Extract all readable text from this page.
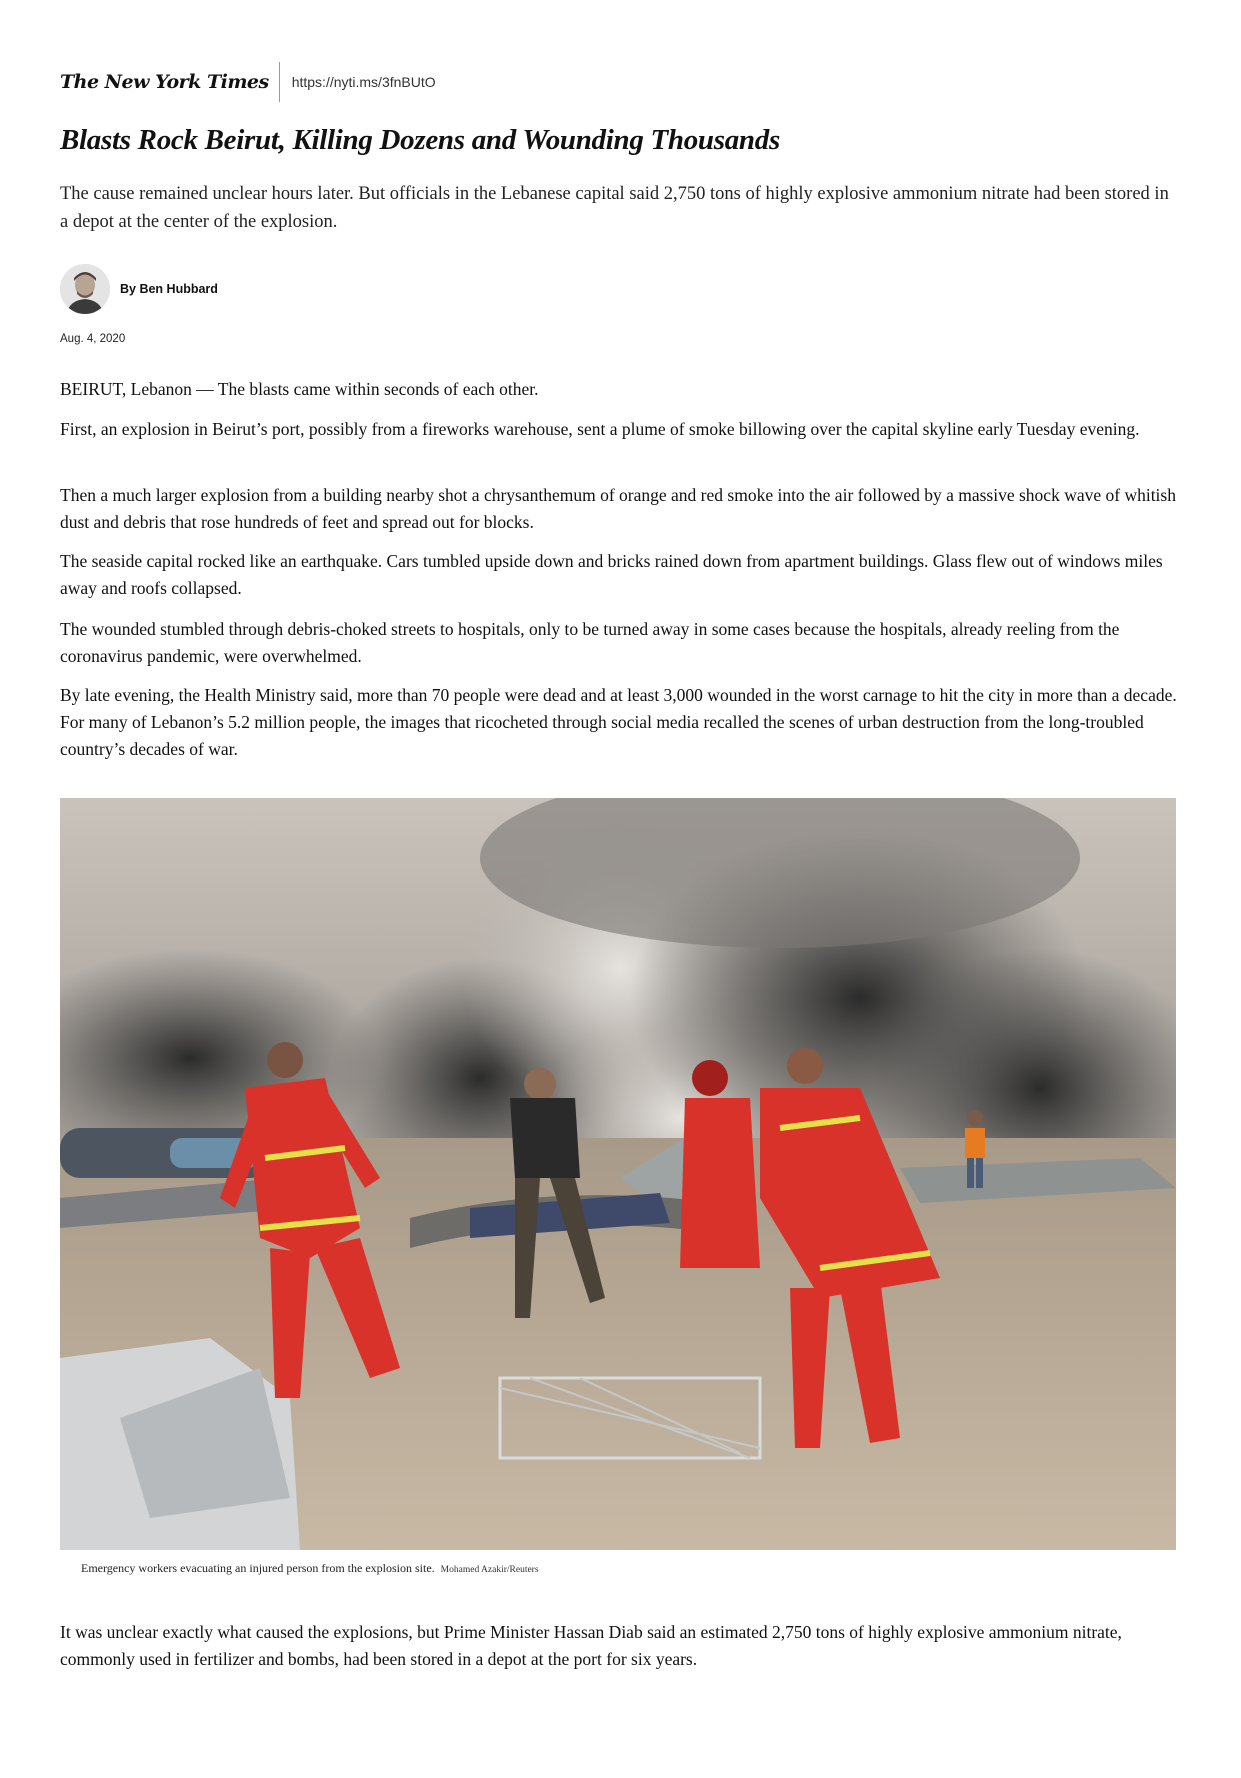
The New York Times https://nyti.ms/3fnBUtO
Blasts Rock Beirut, Killing Dozens and Wounding Thousands

The cause remained unclear hours later. But officials in the Lebanese capital said 2,750 tons of highly explosive ammonium nitrate had been stored in a depot at the center of the explosion.

By Ben Hubbard
Aug. 4, 2020

BEIRUT, Lebanon — The blasts came within seconds of each other.

First, an explosion in Beirut’s port, possibly from a fireworks warehouse, sent a plume of smoke billowing over the capital skyline early Tuesday evening.

Then a much larger explosion from a building nearby shot a chrysanthemum of orange and red smoke into the air followed by a massive shock wave of whitish dust and debris that rose hundreds of feet and spread out for blocks.

The seaside capital rocked like an earthquake. Cars tumbled upside down and bricks rained down from apartment buildings. Glass flew out of windows miles away and roofs collapsed.

The wounded stumbled through debris-choked streets to hospitals, only to be turned away in some cases because the hospitals, already reeling from the coronavirus pandemic, were overwhelmed.

By late evening, the Health Ministry said, more than 70 people were dead and at least 3,000 wounded in the worst carnage to hit the city in more than a decade. For many of Lebanon’s 5.2 million people, the images that ricocheted through social media recalled the scenes of urban destruction from the long-troubled country’s decades of war.

Emergency workers evacuating an injured person from the explosion site. Mohamed Azakir/Reuters

It was unclear exactly what caused the explosions, but Prime Minister Hassan Diab said an estimated 2,750 tons of highly explosive ammonium nitrate, commonly used in fertilizer and bombs, had been stored in a depot at the port for six years.
